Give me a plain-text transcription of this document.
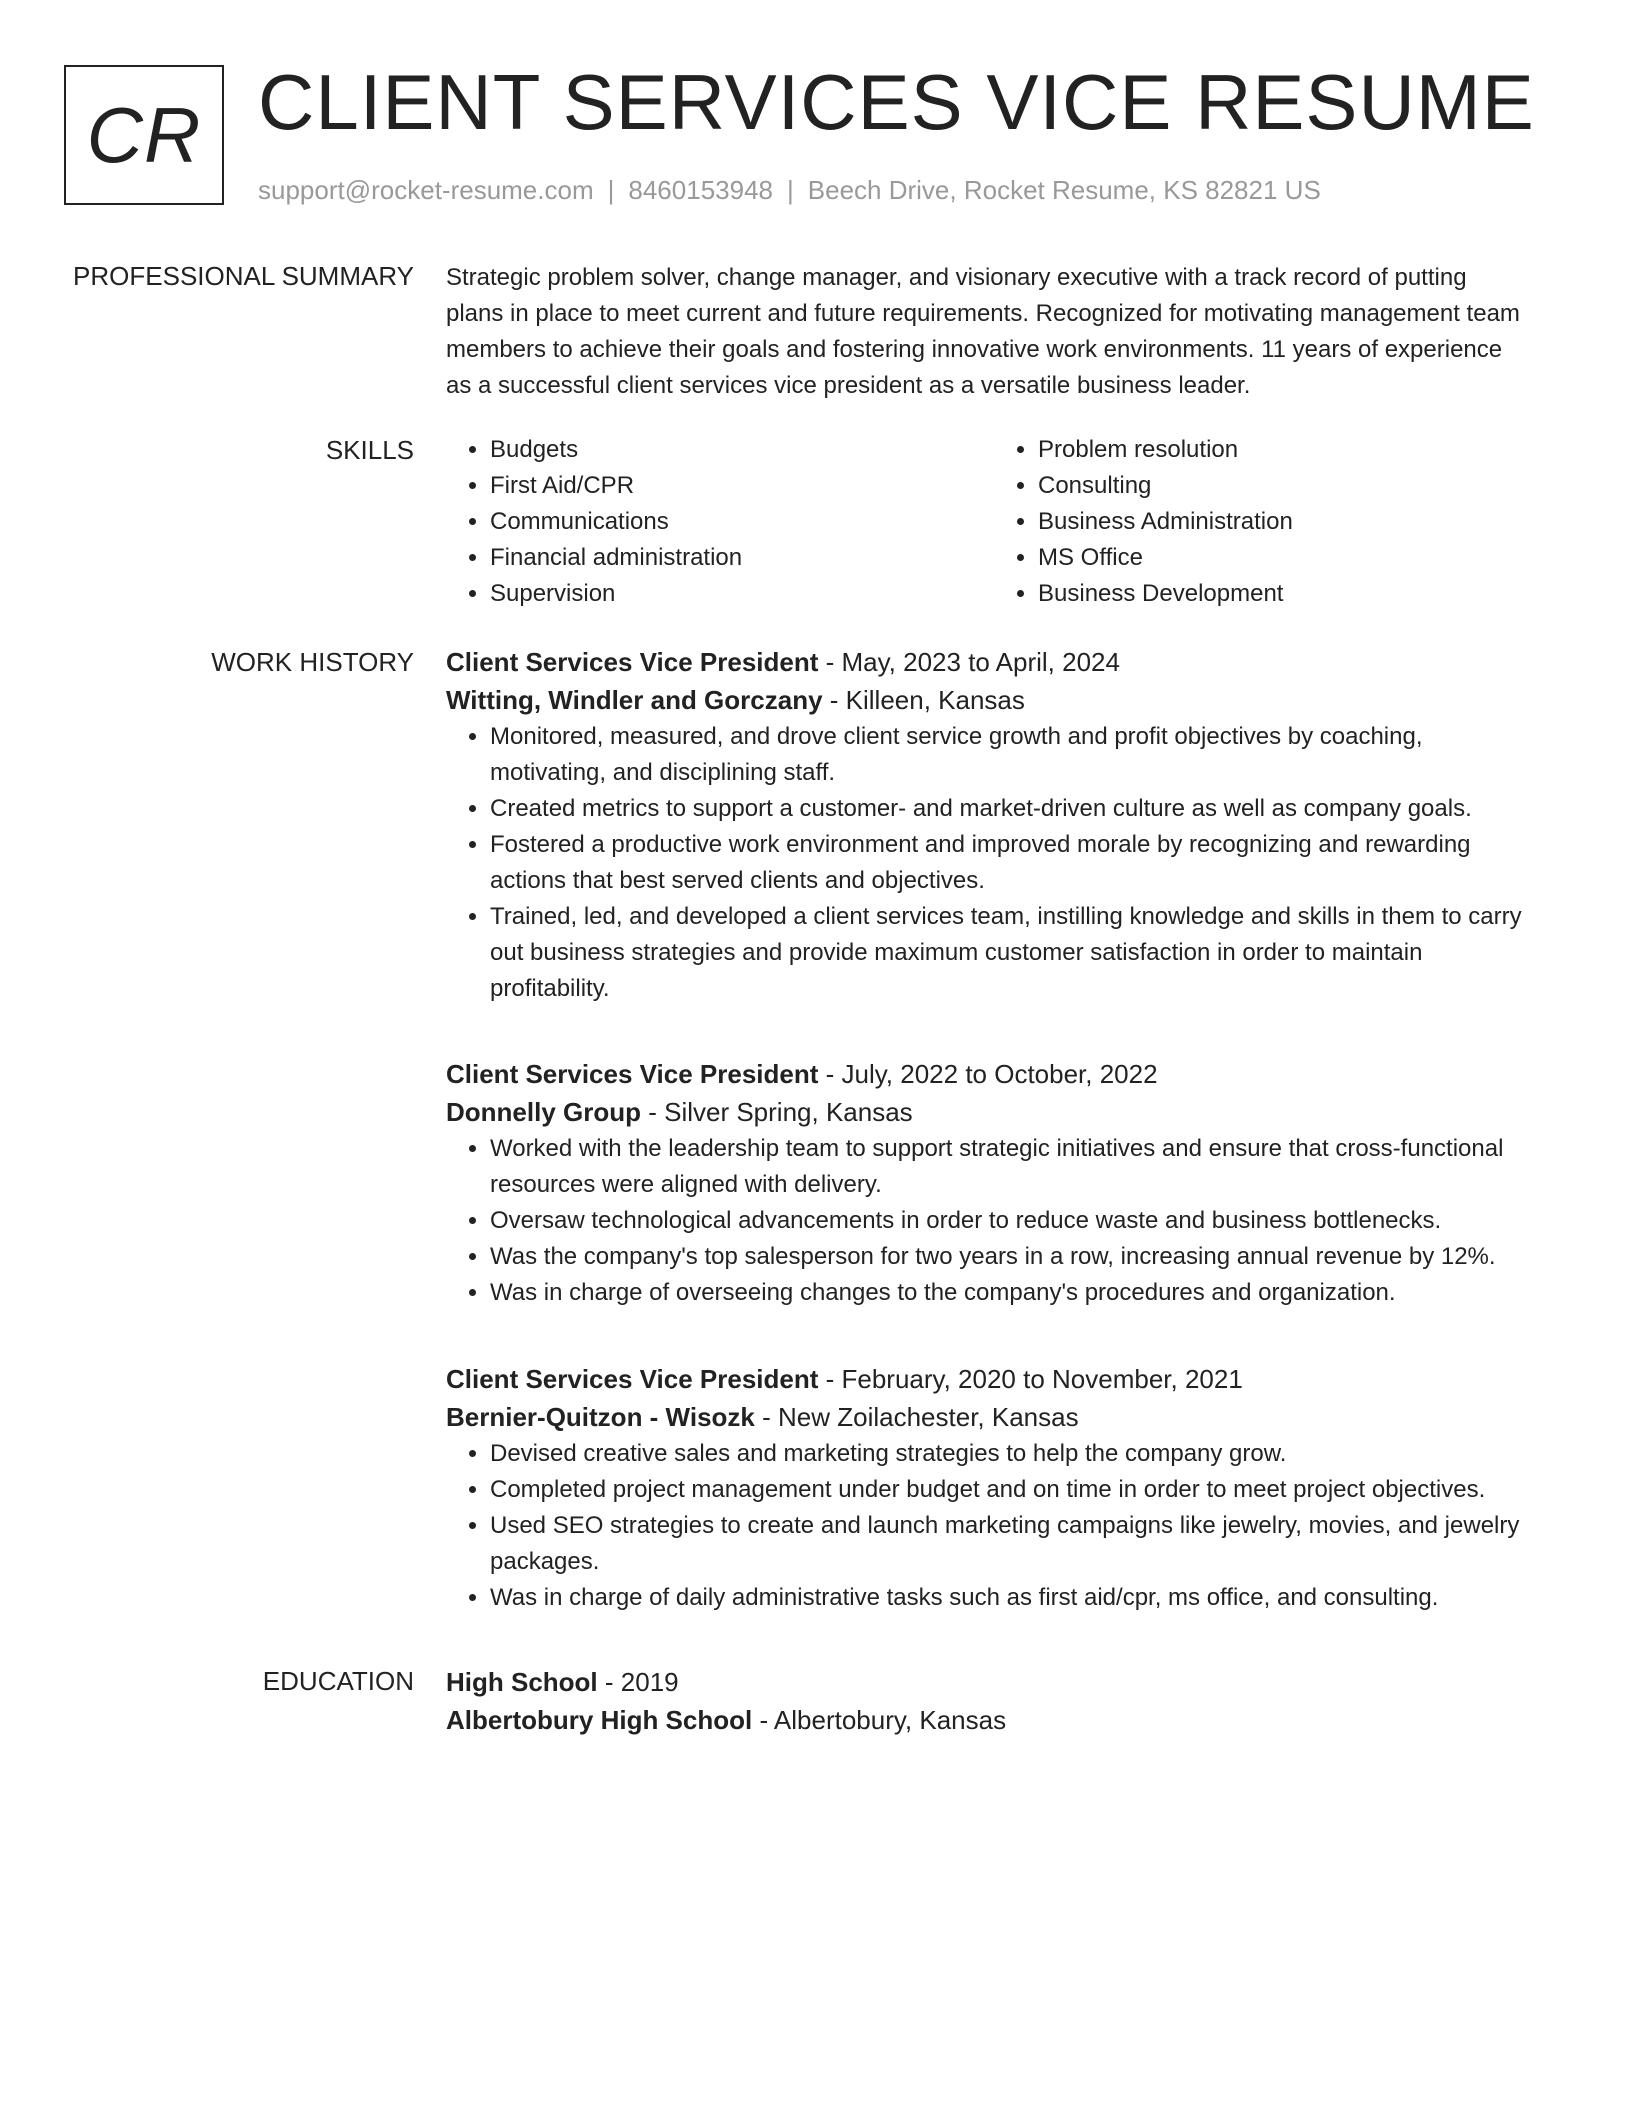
CR CLIENT SERVICES VICE RESUME
support@rocket-resume.com | 8460153948 | Beech Drive, Rocket Resume, KS 82821 US
PROFESSIONAL SUMMARY Strategic problem solver, change manager, and visionary executive with a track record of putting
plans in place to meet current and future requirements. Recognized for motivating management team
members to achieve their goals and fostering innovative work environments. 11 years of experience
as a successful client services vice president as a versatile business leader.

SKILLS
•	Budgets
• First Aid/CPR
• Communications
• Financial administration
• Supervision
• Problem resolution
• Consulting
• Business Administration
• MS Office
• Business Development
WORK HISTORY Client Services Vice President - May, 2023 to April, 2024
Witting, Windler and Gorczany - Killeen, Kansas
• Monitored, measured, and drove client service growth and profit objectives by coaching,
motivating, and disciplining staff.
• Created metrics to support a customer- and market-driven culture as well as company goals.
• Fostered a productive work environment and improved morale by recognizing and rewarding
actions that best served clients and objectives.
• Trained, led, and developed a client services team, instilling knowledge and skills in them to carry
out business strategies and provide maximum customer satisfaction in order to maintain
profitability.
Client Services Vice President - July, 2022 to October, 2022
Donnelly Group - Silver Spring, Kansas
• Worked with the leadership team to support strategic initiatives and ensure that cross-functional
resources were aligned with delivery.
• Oversaw technological advancements in order to reduce waste and business bottlenecks.
• Was the company's top salesperson for two years in a row, increasing annual revenue by 12%.
• Was in charge of overseeing changes to the company's procedures and organization.
Client Services Vice President - February, 2020 to November, 2021
Bernier-Quitzon - Wisozk - New Zoilachester, Kansas
• Devised creative sales and marketing strategies to help the company grow.
• Completed project management under budget and on time in order to meet project objectives.
• Used SEO strategies to create and launch marketing campaigns like jewelry, movies, and jewelry
packages.
• Was in charge of daily administrative tasks such as first aid/cpr, ms office, and consulting.
EDUCATION High School - 2019
Albertobury High School - Albertobury, Kansas
